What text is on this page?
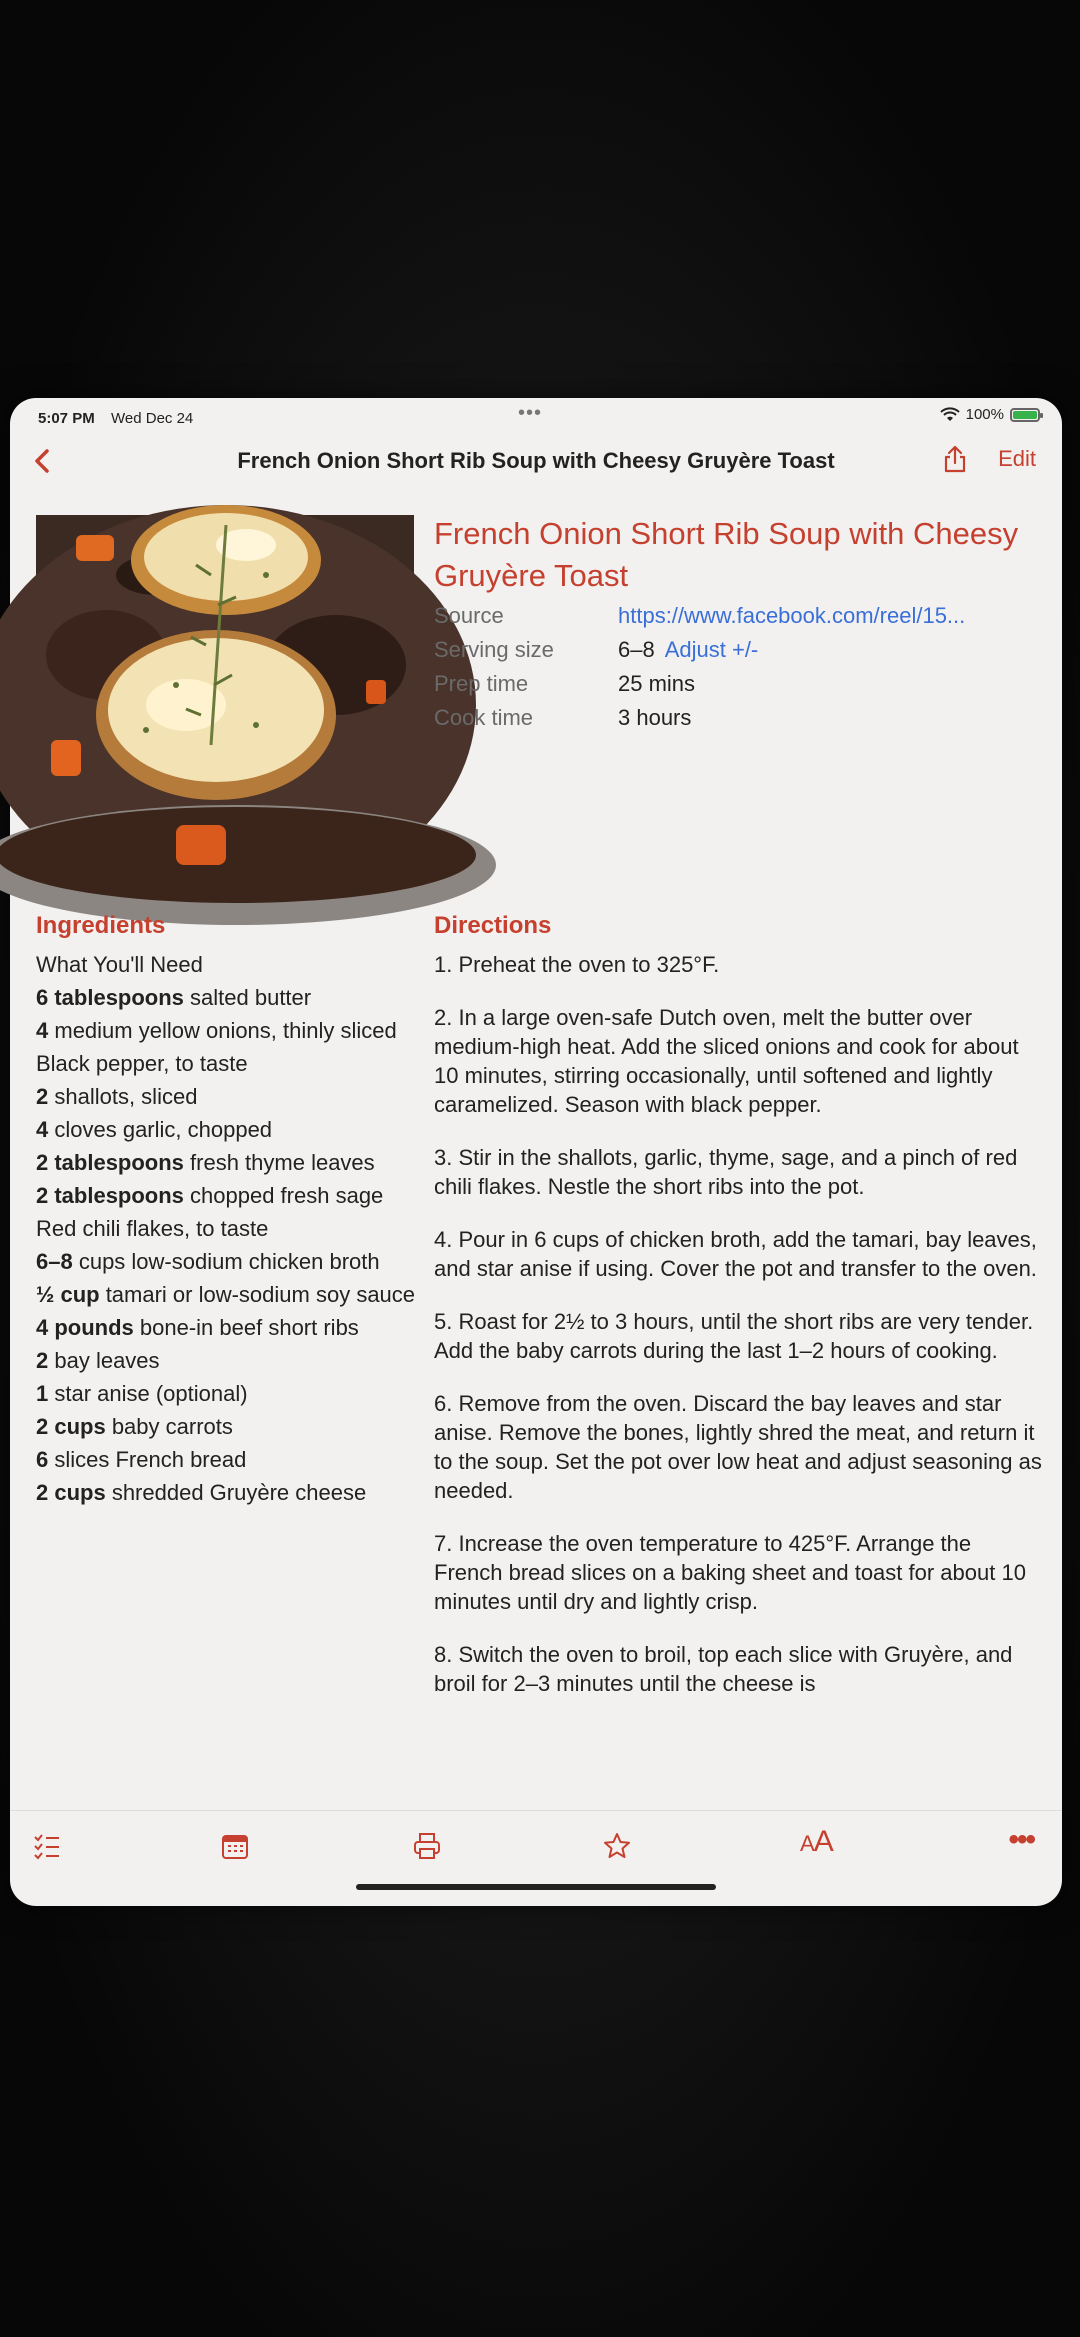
5:07 PM Wed Dec 24	•••	100%
French Onion Short Rib Soup with Cheesy Gruyère Toast	Edit
French Onion Short Rib Soup with Cheesy Gruyère Toast
Source	https://www.facebook.com/reel/15...
Serving size	6–8 Adjust +/-
Prep time	25 mins
Cook time	3 hours
Ingredients	Directions
What You'll Need
6 tablespoons salted butter
4 medium yellow onions, thinly sliced
Black pepper, to taste
2 shallots, sliced
4 cloves garlic, chopped
2 tablespoons fresh thyme leaves
2 tablespoons chopped fresh sage
Red chili flakes, to taste
6–8 cups low-sodium chicken broth
½ cup tamari or low-sodium soy sauce
4 pounds bone-in beef short ribs
2 bay leaves
1 star anise (optional)
2 cups baby carrots
6 slices French bread
2 cups shredded Gruyère cheese
1. Preheat the oven to 325°F.
2. In a large oven-safe Dutch oven, melt the butter over medium-high heat. Add the sliced onions and cook for about 10 minutes, stirring occasionally, until softened and lightly caramelized. Season with black pepper.
3. Stir in the shallots, garlic, thyme, sage, and a pinch of red chili flakes. Nestle the short ribs into the pot.
4. Pour in 6 cups of chicken broth, add the tamari, bay leaves, and star anise if using. Cover the pot and transfer to the oven.
5. Roast for 2½ to 3 hours, until the short ribs are very tender. Add the baby carrots during the last 1–2 hours of cooking.
6. Remove from the oven. Discard the bay leaves and star anise. Remove the bones, lightly shred the meat, and return it to the soup. Set the pot over low heat and adjust seasoning as needed.
7. Increase the oven temperature to 425°F. Arrange the French bread slices on a baking sheet and toast for about 10 minutes until dry and lightly crisp.
8. Switch the oven to broil, top each slice with Gruyère, and broil for 2–3 minutes until the cheese is
AA	•••
